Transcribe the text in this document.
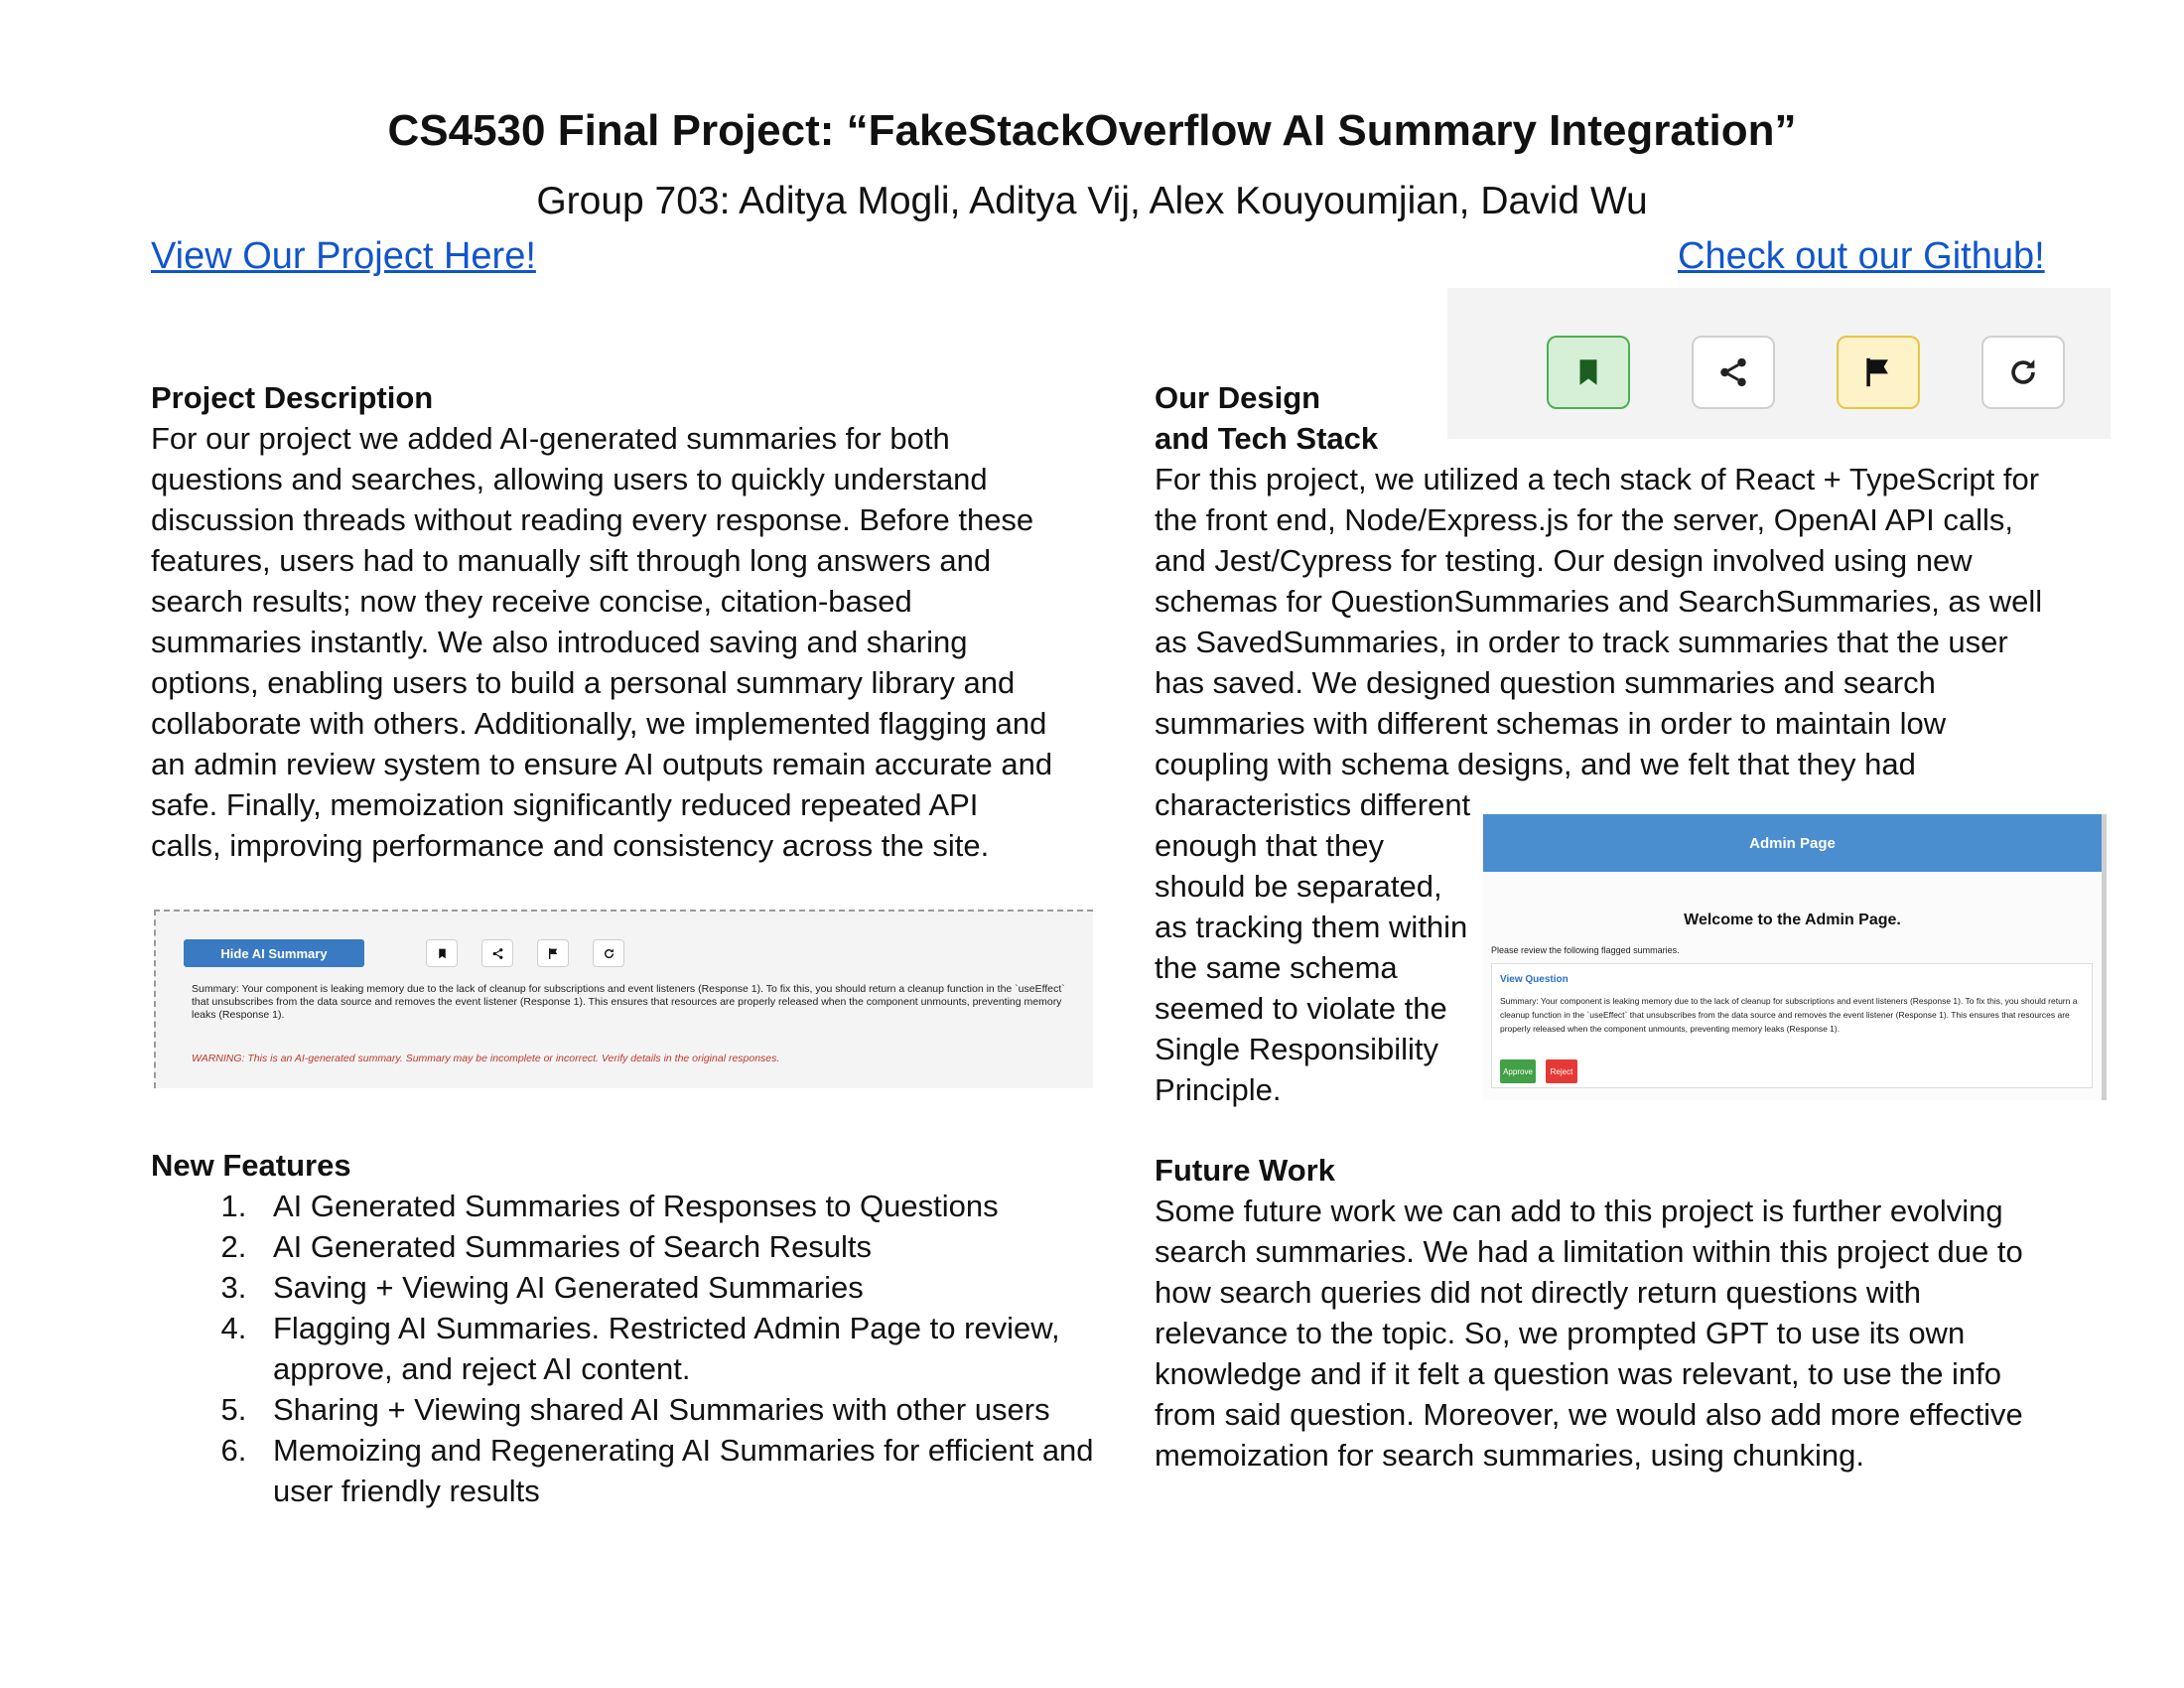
CS4530 Final Project: “FakeStackOverflow AI Summary Integration”
Group 703: Aditya Mogli, Aditya Vij, Alex Kouyoumjian, David Wu
View Our Project Here!	Check out our Github!

Project Description

For our project we added AI-generated summaries for both

questions and searches, allowing users to quickly understand

discussion threads without reading every response. Before these

features, users had to manually sift through long answers and

search results; now they receive concise, citation-based

summaries instantly. We also introduced saving and sharing

options, enabling users to build a personal summary library and

collaborate with others. Additionally, we implemented flagging and

an admin review system to ensure AI outputs remain accurate and

safe. Finally, memoization significantly reduced repeated API

calls, improving performance and consistency across the site.

Hide AI Summary
Summary: Your component is leaking memory due to the lack of cleanup for subscriptions and event listeners (Response 1). To fix this, you should return a cleanup function in the `useEffect` that unsubscribes from the data source and removes the event listener (Response 1). This ensures that resources are properly released when the component unmounts, preventing memory leaks (Response 1).
WARNING: This is an AI-generated summary. Summary may be incomplete or incorrect. Verify details in the original responses.

New Features

1. AI Generated Summaries of Responses to Questions
2. AI Generated Summaries of Search Results
3. Saving + Viewing AI Generated Summaries
4. Flagging AI Summaries. Restricted Admin Page to review, approve, and reject AI content.
5. Sharing + Viewing shared AI Summaries with other users
6. Memoizing and Regenerating AI Summaries for efficient and user friendly results

Our Design

and Tech Stack

For this project, we utilized a tech stack of React + TypeScript for

the front end, Node/Express.js for the server, OpenAI API calls,

and Jest/Cypress for testing. Our design involved using new

schemas for QuestionSummaries and SearchSummaries, as well

as SavedSummaries, in order to track summaries that the user

has saved. We designed question summaries and search

summaries with different schemas in order to maintain low

coupling with schema designs, and we felt that they had

characteristics different

enough that they

should be separated,

as tracking them within

the same schema

seemed to violate the

Single Responsibility

Principle.

Admin Page
Welcome to the Admin Page.
Please review the following flagged summaries.
View Question
Summary: Your component is leaking memory due to the lack of cleanup for subscriptions and event listeners (Response 1). To fix this, you should return a cleanup function in the `useEffect` that unsubscribes from the data source and removes the event listener (Response 1). This ensures that resources are properly released when the component unmounts, preventing memory leaks (Response 1).
Approve	Reject

Future Work

Some future work we can add to this project is further evolving

search summaries. We had a limitation within this project due to

how search queries did not directly return questions with

relevance to the topic. So, we prompted GPT to use its own

knowledge and if it felt a question was relevant, to use the info

from said question. Moreover, we would also add more effective

memoization for search summaries, using chunking.
